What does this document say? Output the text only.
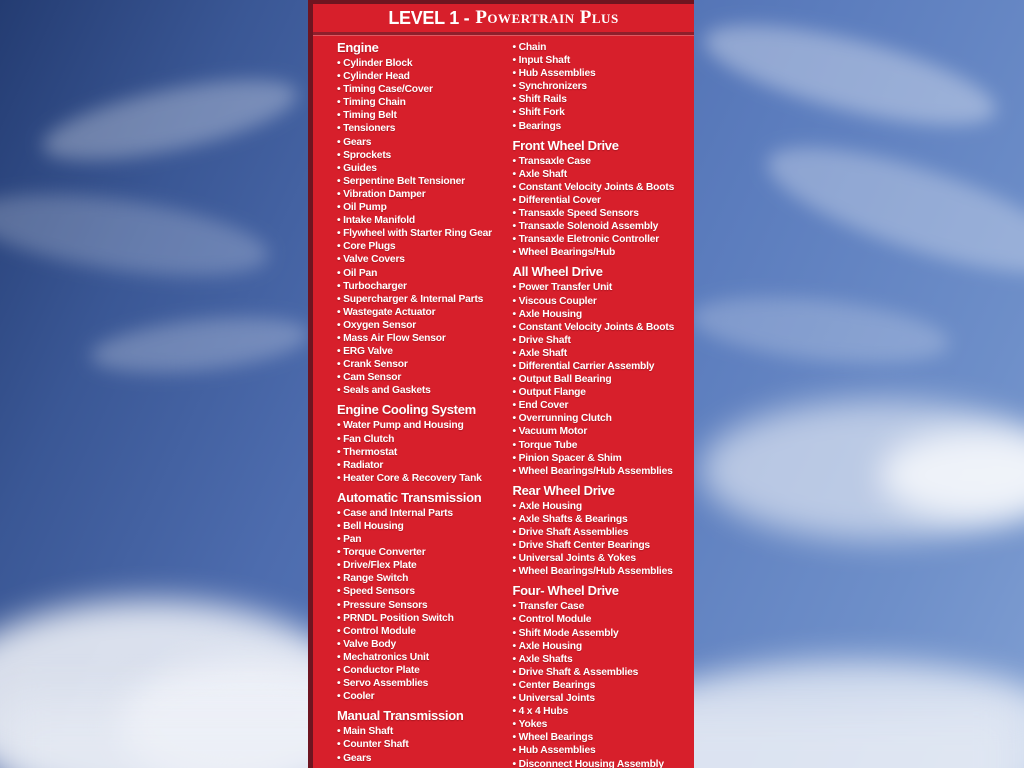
LEVEL 1 - Powertrain Plus
Engine
• Cylinder Block
• Cylinder Head
• Timing Case/Cover
• Timing Chain
• Timing Belt
• Tensioners
• Gears
• Sprockets
• Guides
• Serpentine Belt Tensioner
• Vibration Damper
• Oil Pump
• Intake Manifold
• Flywheel with Starter Ring Gear
• Core Plugs
• Valve Covers
• Oil Pan
• Turbocharger
• Supercharger & Internal Parts
• Wastegate Actuator
• Oxygen Sensor
• Mass Air Flow Sensor
• ERG Valve
• Crank Sensor
• Cam Sensor
• Seals and Gaskets
Engine Cooling System
• Water Pump and Housing
• Fan Clutch
• Thermostat
• Radiator
• Heater Core & Recovery Tank
Automatic Transmission
• Case and Internal Parts
• Bell Housing
• Pan
• Torque Converter
• Drive/Flex Plate
• Range Switch
• Speed Sensors
• Pressure Sensors
• PRNDL Position Switch
• Control Module
• Valve Body
• Mechatronics Unit
• Conductor Plate
• Servo Assemblies
• Cooler
Manual Transmission
• Main Shaft
• Counter Shaft
• Gears
• Chain
• Input Shaft
• Hub Assemblies
• Synchronizers
• Shift Rails
• Shift Fork
• Bearings
Front Wheel Drive
• Transaxle Case
• Axle Shaft
• Constant Velocity Joints & Boots
• Differential Cover
• Transaxle Speed Sensors
• Transaxle Solenoid Assembly
• Transaxle Eletronic Controller
• Wheel Bearings/Hub
All Wheel Drive
• Power Transfer Unit
• Viscous Coupler
• Axle Housing
• Constant Velocity Joints & Boots
• Drive Shaft
• Axle Shaft
• Differential Carrier Assembly
• Output Ball Bearing
• Output Flange
• End Cover
• Overrunning Clutch
• Vacuum Motor
• Torque Tube
• Pinion Spacer & Shim
• Wheel Bearings/Hub Assemblies
Rear Wheel Drive
• Axle Housing
• Axle Shafts & Bearings
• Drive Shaft Assemblies
• Drive Shaft Center Bearings
• Universal Joints & Yokes
• Wheel Bearings/Hub Assemblies
Four- Wheel Drive
• Transfer Case
• Control Module
• Shift Mode Assembly
• Axle Housing
• Axle Shafts
• Drive Shaft & Assemblies
• Center Bearings
• Universal Joints
• 4 x 4 Hubs
• Yokes
• Wheel Bearings
• Hub Assemblies
• Disconnect Housing Assembly
